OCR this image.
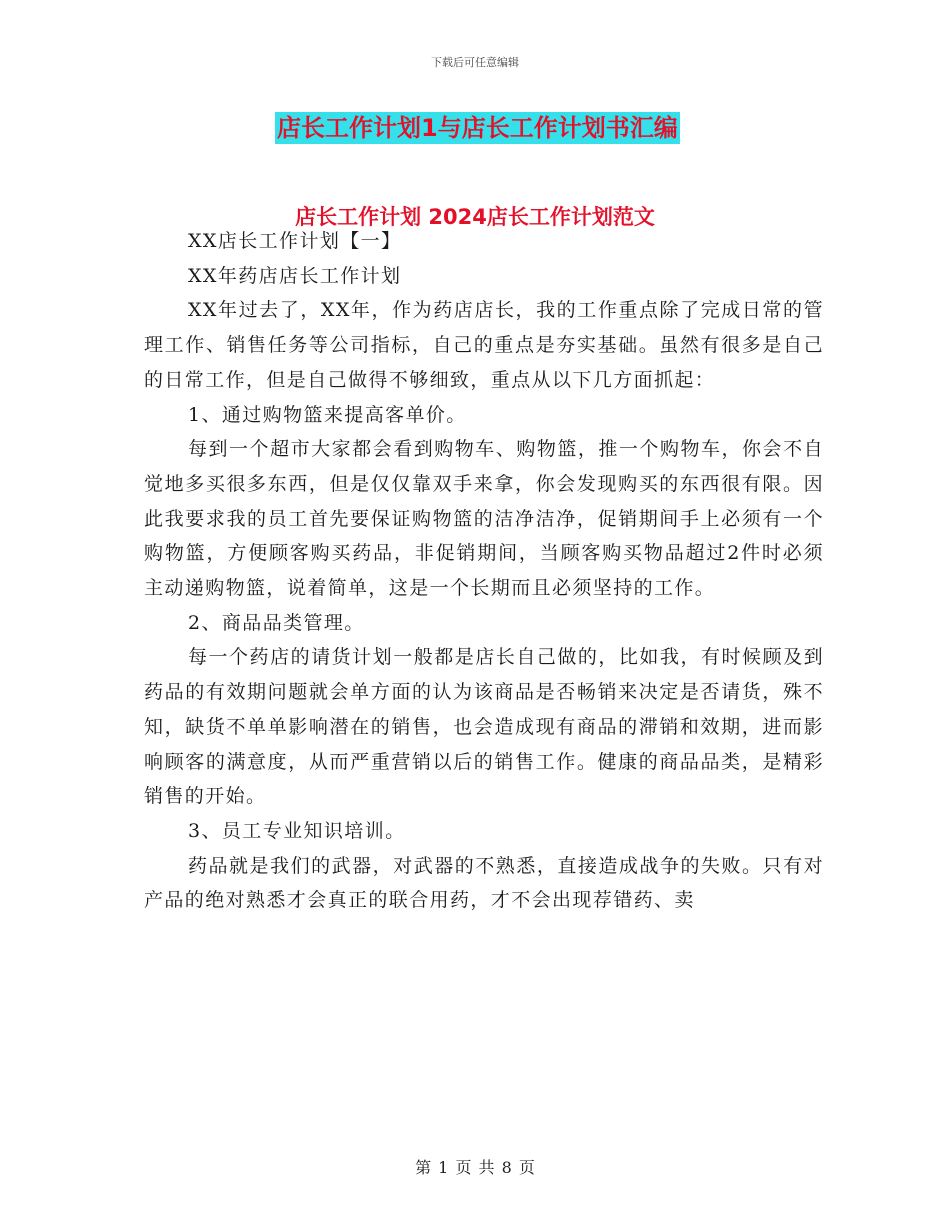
下载后可任意编辑
店长工作计划1与店长工作计划书汇编
店长工作计划 2024店长工作计划范文

XX店长工作计划【一】

XX年药店店长工作计划

XX年过去了，XX年，作为药店店长，我的工作重点除了完成日常的管理工作、销售任务等公司指标，自己的重点是夯实基础。虽然有很多是自己的日常工作，但是自己做得不够细致，重点从以下几方面抓起：

1、通过购物篮来提高客单价。

每到一个超市大家都会看到购物车、购物篮，推一个购物车，你会不自觉地多买很多东西，但是仅仅靠双手来拿，你会发现购买的东西很有限。因此我要求我的员工首先要保证购物篮的洁净洁净，促销期间手上必须有一个购物篮，方便顾客购买药品，非促销期间，当顾客购买物品超过2件时必须主动递购物篮，说着简单，这是一个长期而且必须坚持的工作。

2、商品品类管理。

每一个药店的请货计划一般都是店长自己做的，比如我，有时候顾及到药品的有效期问题就会单方面的认为该商品是否畅销来决定是否请货，殊不知，缺货不单单影响潜在的销售，也会造成现有商品的滞销和效期，进而影响顾客的满意度，从而严重营销以后的销售工作。健康的商品品类，是精彩销售的开始。

3、员工专业知识培训。

药品就是我们的武器，对武器的不熟悉，直接造成战争的失败。只有对产品的绝对熟悉才会真正的联合用药，才不会出现荐错药、卖

第 1 页 共 8 页
